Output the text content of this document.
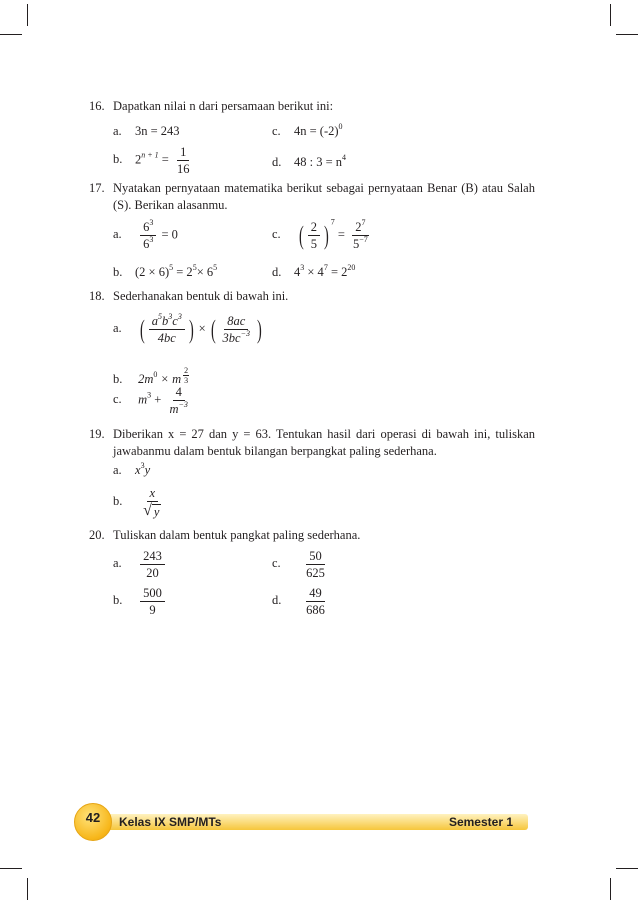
16. Dapatkan nilai n dari persamaan berikut ini:
a. 3n = 243	c. $4n = (-2)^0$
b. $2^{n + 1} = \frac{1}{16}$	d. 48 : $3 = n^4$
17. Nyatakan pernyataan matematika berikut sebagai pernyataan Benar (B) atau Salah (S). Berikan alasanmu.
a. $\frac{6^3}{6^3} = 0$	c. ( $\frac{2}{5}$ ) $^7 = \frac{2^7}{5^{-7}}$
b. $(2 \times 6)^5 = 2^5\times 6^5$	d. $4^3 \times 4^7 = 2^{20}$
18. Sederhanakan bentuk di bawah ini.
a. ( $\frac{a^5b^3c^3}{4bc}$ ) × ( $\frac{8ac}{3bc^{-3}}$ )
b. $2m^0 \times m \frac{2}{3}$
c. $m^3 + \frac{4}{m^{-3}}$
19. Diberikan x = 27 dan y = 63. Tentukan hasil dari operasi di bawah ini, tuliskan jawabanmu dalam bentuk bilangan berpangkat paling sederhana.
a. $x^3y$
b. $\frac{x}{√ y}$
20. Tuliskan dalam bentuk pangkat paling sederhana.
a. $\frac{243}{20}$	c. $\frac{50}{625}$
b. $\frac{500}{9}$	d. $\frac{49}{686}$
42	Kelas IX SMP/MTs	Semester 1
